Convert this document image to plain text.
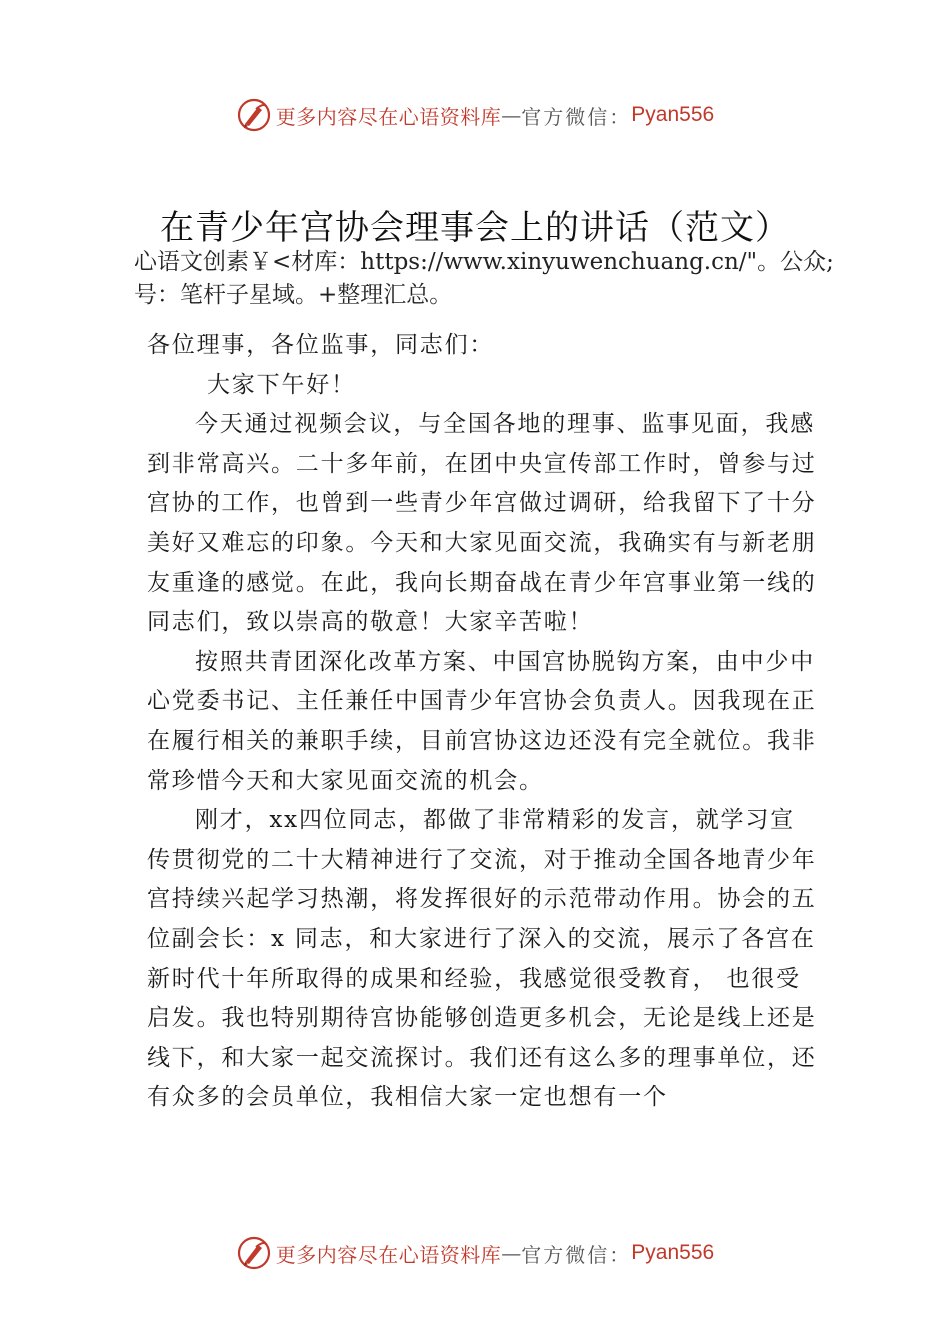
更多内容尽在心语资料库 — 官方微信： Pyan556
在青少年宫协会理事会上的讲话（范文）
心语文创素￥<材库：https://www.xinyuwenchuang.cn/"。公众;号：笔杆子星域。+整理汇总。

各位理事，各位监事，同志们：

大家下午好！

今天通过视频会议，与全国各地的理事、监事见面，我感到非常高兴。二十多年前，在团中央宣传部工作时，曾参与过宫协的工作，也曾到一些青少年宫做过调研，给我留下了十分美好又难忘的印象。今天和大家见面交流，我确实有与新老朋友重逢的感觉。在此，我向长期奋战在青少年宫事业第一线的同志们，致以崇高的敬意！大家辛苦啦！

按照共青团深化改革方案、中国宫协脱钩方案，由中少中心党委书记、主任兼任中国青少年宫协会负责人。因我现在正在履行相关的兼职手续，目前宫协这边还没有完全就位。我非常珍惜今天和大家见面交流的机会。

刚才，xx四位同志，都做了非常精彩的发言，就学习宣传贯彻党的二十大精神进行了交流，对于推动全国各地青少年宫持续兴起学习热潮，将发挥很好的示范带动作用。协会的五位副会长：x 同志，和大家进行了深入的交流，展示了各宫在新时代十年所取得的成果和经验，我感觉很受教育， 也很受启发。我也特别期待宫协能够创造更多机会，无论是线上还是线下，和大家一起交流探讨。我们还有这么多的理事单位，还有众多的会员单位，我相信大家一定也想有一个

更多内容尽在心语资料库 — 官方微信： Pyan556
